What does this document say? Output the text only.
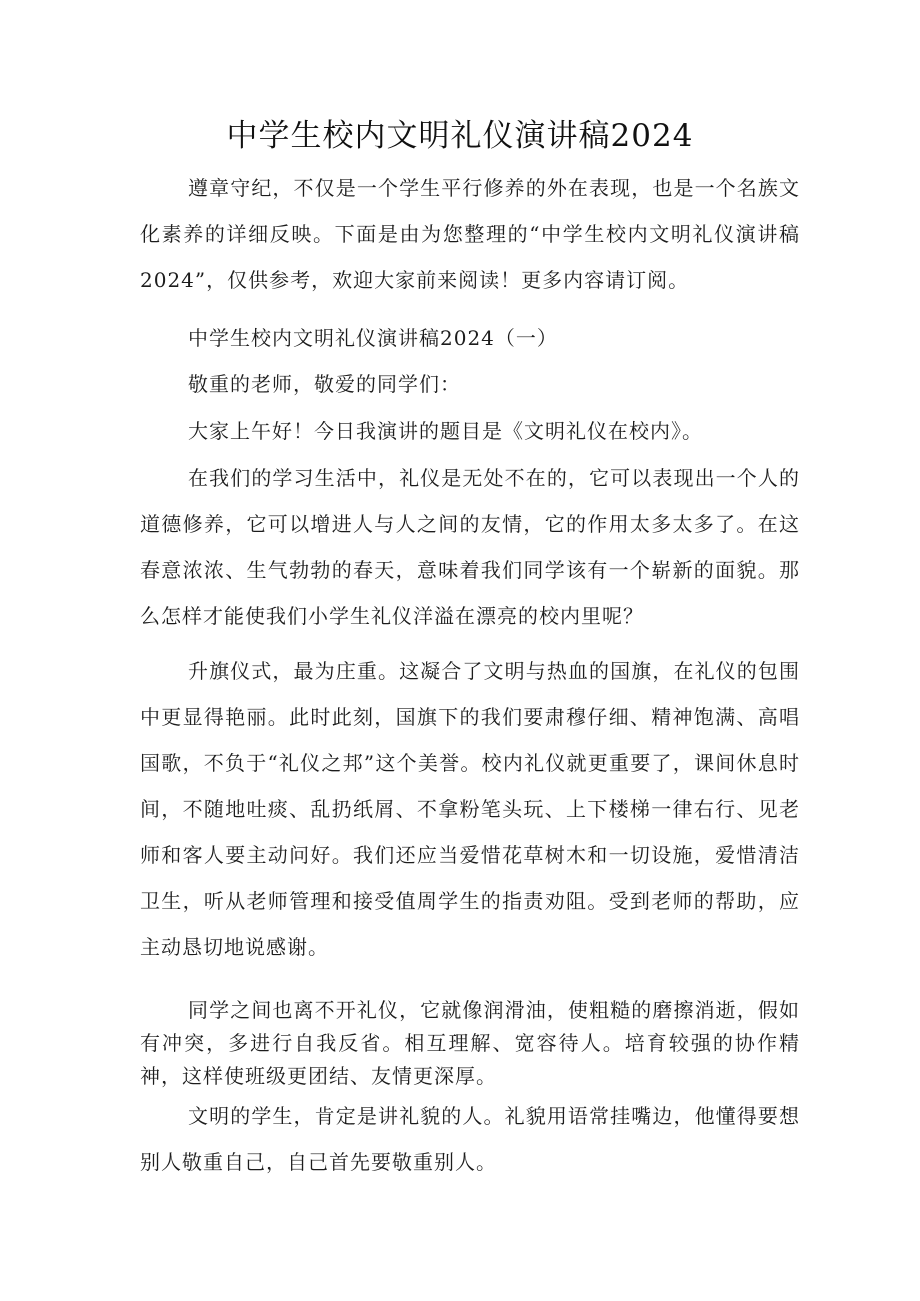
中学生校内文明礼仪演讲稿2024

遵章守纪，不仅是一个学生平行修养的外在表现，也是一个名族文化素养的详细反映。下面是由为您整理的“中学生校内文明礼仪演讲稿2024”，仅供参考，欢迎大家前来阅读！更多内容请订阅。

中学生校内文明礼仪演讲稿2024（一）

敬重的老师，敬爱的同学们：

大家上午好！今日我演讲的题目是《文明礼仪在校内》。

在我们的学习生活中，礼仪是无处不在的，它可以表现出一个人的道德修养，它可以增进人与人之间的友情，它的作用太多太多了。在这春意浓浓、生气勃勃的春天，意味着我们同学该有一个崭新的面貌。那么怎样才能使我们小学生礼仪洋溢在漂亮的校内里呢？

升旗仪式，最为庄重。这凝合了文明与热血的国旗，在礼仪的包围中更显得艳丽。此时此刻，国旗下的我们要肃穆仔细、精神饱满、高唱国歌，不负于“礼仪之邦”这个美誉。校内礼仪就更重要了，课间休息时间，不随地吐痰、乱扔纸屑、不拿粉笔头玩、上下楼梯一律右行、见老师和客人要主动问好。我们还应当爱惜花草树木和一切设施，爱惜清洁卫生，听从老师管理和接受值周学生的指责劝阻。受到老师的帮助，应主动恳切地说感谢。

同学之间也离不开礼仪，它就像润滑油，使粗糙的磨擦消逝，假如有冲突，多进行自我反省。相互理解、宽容待人。培育较强的协作精神，这样使班级更团结、友情更深厚。

文明的学生，肯定是讲礼貌的人。礼貌用语常挂嘴边，他懂得要想别人敬重自己，自己首先要敬重别人。
